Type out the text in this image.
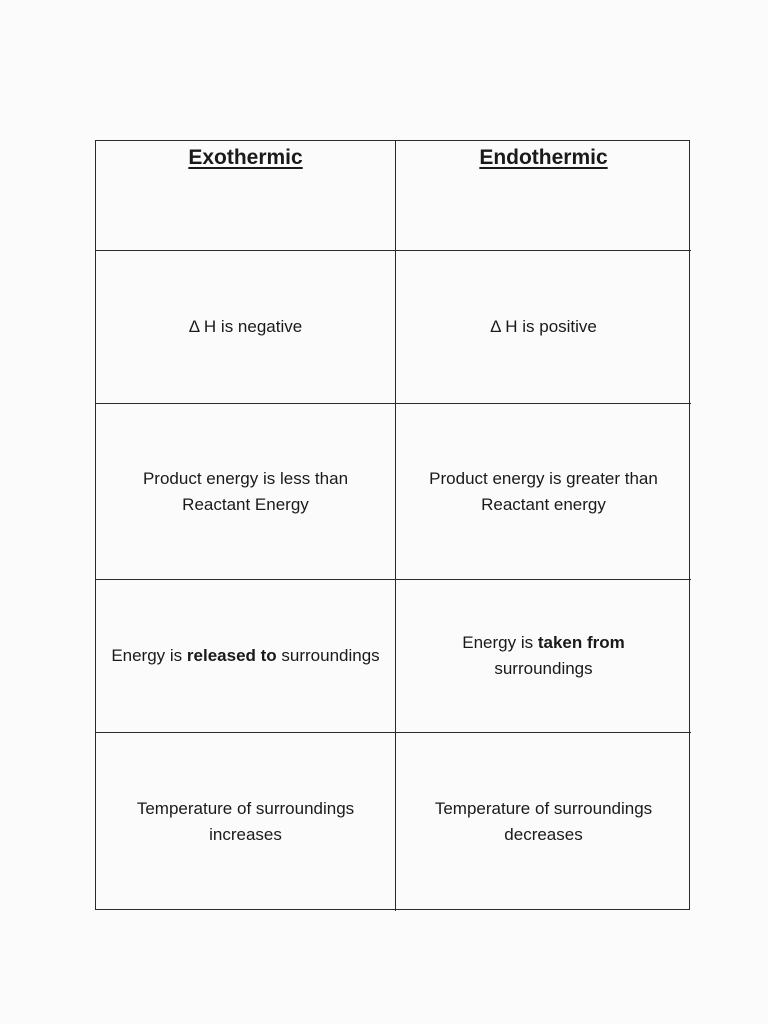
Exothermic	Endothermic
Δ H is negative	Δ H is positive
Product energy is less than
Reactant Energy
Product energy is greater than
Reactant energy
Energy is released to surroundings
Energy is taken from
surroundings
Temperature of surroundings
increases
Temperature of surroundings
decreases
